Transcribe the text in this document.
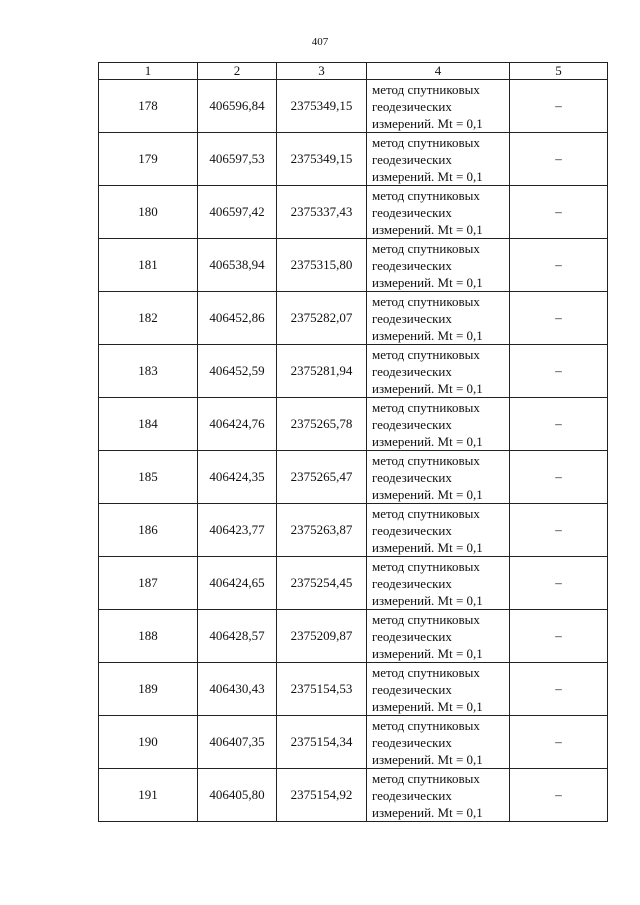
407
1	2	3	4	5
178	406596,84	2375349,15	метод спутниковых
геодезических
измерений. Mt = 0,1	–
179	406597,53	2375349,15	метод спутниковых
геодезических
измерений. Mt = 0,1	–
180	406597,42	2375337,43	метод спутниковых
геодезических
измерений. Mt = 0,1	–
181	406538,94	2375315,80	метод спутниковых
геодезических
измерений. Mt = 0,1	–
182	406452,86	2375282,07	метод спутниковых
геодезических
измерений. Mt = 0,1	–
183	406452,59	2375281,94	метод спутниковых
геодезических
измерений. Mt = 0,1	–
184	406424,76	2375265,78	метод спутниковых
геодезических
измерений. Mt = 0,1	–
185	406424,35	2375265,47	метод спутниковых
геодезических
измерений. Mt = 0,1	–
186	406423,77	2375263,87	метод спутниковых
геодезических
измерений. Mt = 0,1	–
187	406424,65	2375254,45	метод спутниковых
геодезических
измерений. Mt = 0,1	–
188	406428,57	2375209,87	метод спутниковых
геодезических
измерений. Mt = 0,1	–
189	406430,43	2375154,53	метод спутниковых
геодезических
измерений. Mt = 0,1	–
190	406407,35	2375154,34	метод спутниковых
геодезических
измерений. Mt = 0,1	–
191	406405,80	2375154,92	метод спутниковых
геодезических
измерений. Mt = 0,1	–
